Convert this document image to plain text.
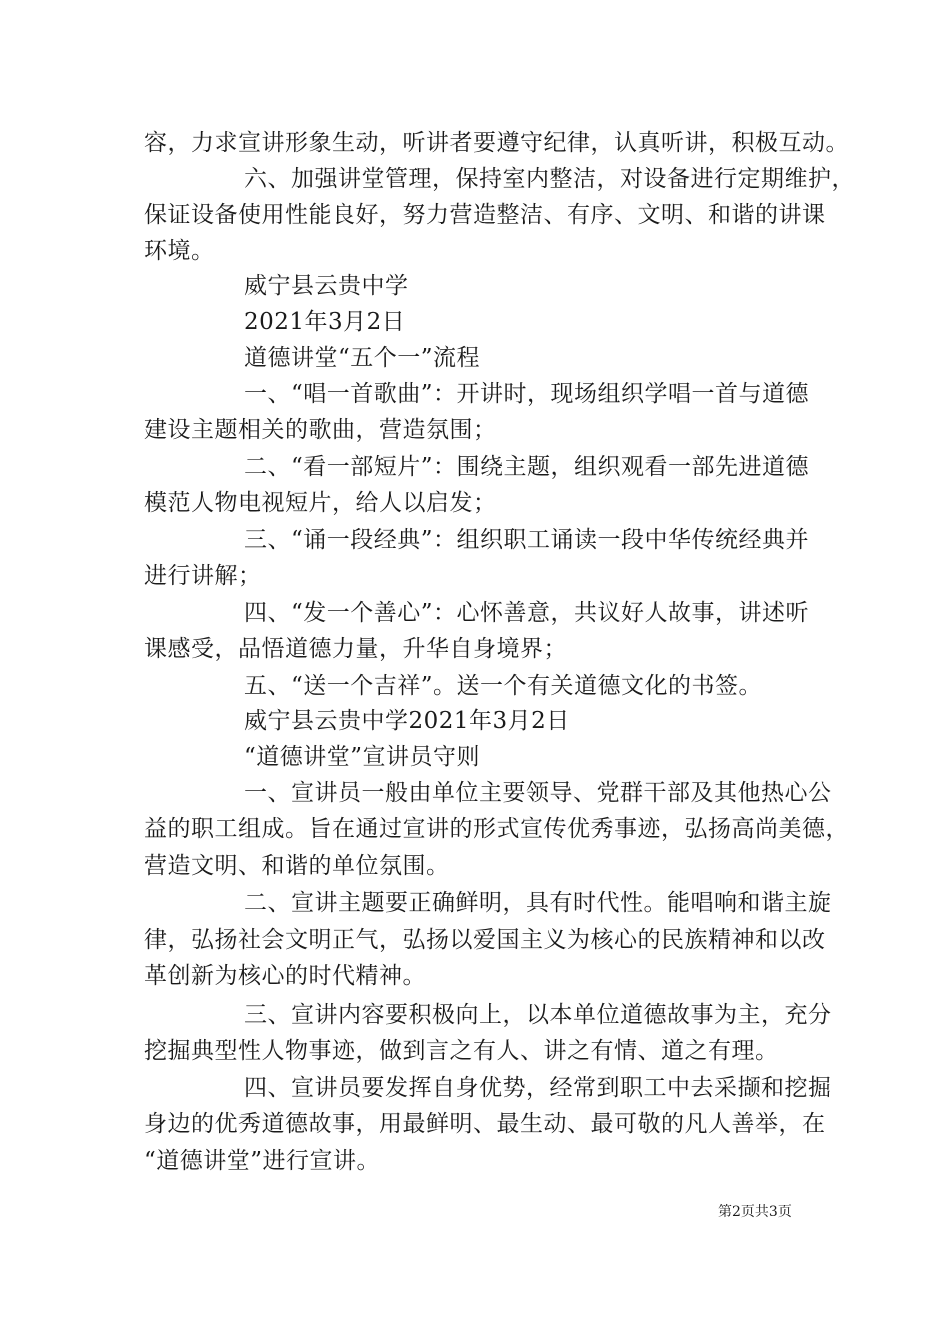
容，力求宣讲形象生动，听讲者要遵守纪律，认真听讲，积极互动。
六、加强讲堂管理，保持室内整洁，对设备进行定期维护，
保证设备使用性能良好，努力营造整洁、有序、文明、和谐的讲课
环境。
威宁县云贵中学
2021年3月2日
道德讲堂“五个一”流程
一、“唱一首歌曲”：开讲时，现场组织学唱一首与道德
建设主题相关的歌曲，营造氛围；
二、“看一部短片”：围绕主题，组织观看一部先进道德
模范人物电视短片，给人以启发；
三、“诵一段经典”：组织职工诵读一段中华传统经典并
进行讲解；
四、“发一个善心”：心怀善意，共议好人故事，讲述听
课感受，品悟道德力量，升华自身境界；
五、“送一个吉祥”。送一个有关道德文化的书签。
威宁县云贵中学2021年3月2日
“道德讲堂”宣讲员守则
一、宣讲员一般由单位主要领导、党群干部及其他热心公
益的职工组成。旨在通过宣讲的形式宣传优秀事迹，弘扬高尚美德，
营造文明、和谐的单位氛围。
二、宣讲主题要正确鲜明，具有时代性。能唱响和谐主旋
律，弘扬社会文明正气，弘扬以爱国主义为核心的民族精神和以改
革创新为核心的时代精神。
三、宣讲内容要积极向上，以本单位道德故事为主，充分
挖掘典型性人物事迹，做到言之有人、讲之有情、道之有理。
四、宣讲员要发挥自身优势，经常到职工中去采撷和挖掘
身边的优秀道德故事，用最鲜明、最生动、最可敬的凡人善举，在
“道德讲堂”进行宣讲。
第2页共3页
